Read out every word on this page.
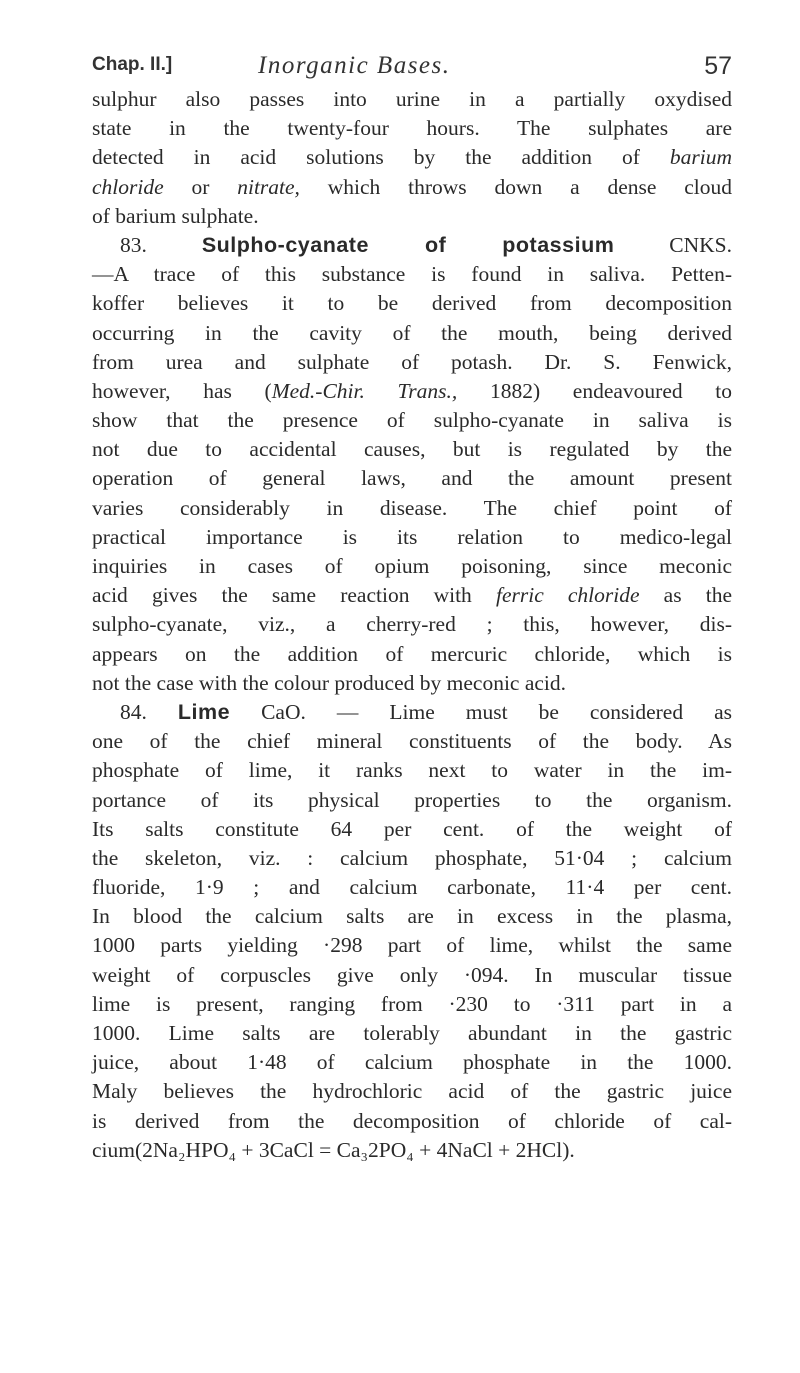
Chap. II.]	Inorganic Bases.	57
sulphur also passes into urine in a partially oxydised
state in the twenty-four hours. The sulphates are
detected in acid solutions by the addition of barium
chloride or nitrate, which throws down a dense cloud
of barium sulphate.
83. Sulpho-cyanate of potassium CNKS.
—A trace of this substance is found in saliva. Petten-
koffer believes it to be derived from decomposition
occurring in the cavity of the mouth, being derived
from urea and sulphate of potash. Dr. S. Fenwick,
however, has (Med.-Chir. Trans., 1882) endeavoured to
show that the presence of sulpho-cyanate in saliva is
not due to accidental causes, but is regulated by the
operation of general laws, and the amount present
varies considerably in disease. The chief point of
practical importance is its relation to medico-legal
inquiries in cases of opium poisoning, since meconic
acid gives the same reaction with ferric chloride as the
sulpho-cyanate, viz., a cherry-red ; this, however, dis-
appears on the addition of mercuric chloride, which is
not the case with the colour produced by meconic acid.
84. Lime CaO. — Lime must be considered as
one of the chief mineral constituents of the body. As
phosphate of lime, it ranks next to water in the im-
portance of its physical properties to the organism.
Its salts constitute 64 per cent. of the weight of
the skeleton, viz. : calcium phosphate, 51·04 ; calcium
fluoride, 1·9 ; and calcium carbonate, 11·4 per cent.
In blood the calcium salts are in excess in the plasma,
1000 parts yielding ·298 part of lime, whilst the same
weight of corpuscles give only ·094. In muscular tissue
lime is present, ranging from ·230 to ·311 part in a
1000. Lime salts are tolerably abundant in the gastric
juice, about 1·48 of calcium phosphate in the 1000.
Maly believes the hydrochloric acid of the gastric juice
is derived from the decomposition of chloride of cal-
cium(2Na₂HPO₄ + 3CaCl = Ca₃2PO₄ + 4NaCl + 2HCl).
